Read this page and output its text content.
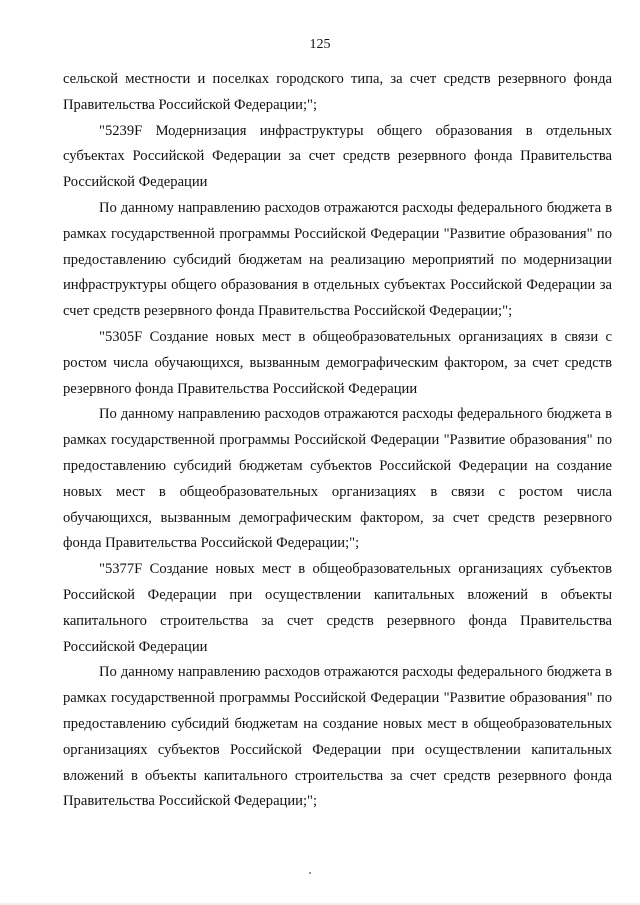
125

сельской местности и поселках городского типа, за счет средств резервного фонда Правительства Российской Федерации;";

"5239F Модернизация инфраструктуры общего образования в отдельных субъектах Российской Федерации за счет средств резервного фонда Правительства Российской Федерации

По данному направлению расходов отражаются расходы федерального бюджета в рамках государственной программы Российской Федерации "Развитие образования" по предоставлению субсидий бюджетам на реализацию мероприятий по модернизации инфраструктуры общего образования в отдельных субъектах Российской Федерации за счет средств резервного фонда Правительства Российской Федерации;";

"5305F Создание новых мест в общеобразовательных организациях в связи с ростом числа обучающихся, вызванным демографическим фактором, за счет средств резервного фонда Правительства Российской Федерации

По данному направлению расходов отражаются расходы федерального бюджета в рамках государственной программы Российской Федерации "Развитие образования" по предоставлению субсидий бюджетам субъектов Российской Федерации на создание новых мест в общеобразовательных организациях в связи с ростом числа обучающихся, вызванным демографическим фактором, за счет средств резервного фонда Правительства Российской Федерации;";

"5377F Создание новых мест в общеобразовательных организациях субъектов Российской Федерации при осуществлении капитальных вложений в объекты капитального строительства за счет средств резервного фонда Правительства Российской Федерации

По данному направлению расходов отражаются расходы федерального бюджета в рамках государственной программы Российской Федерации "Развитие образования" по предоставлению субсидий бюджетам на создание новых мест в общеобразовательных организациях субъектов Российской Федерации при осуществлении капитальных вложений в объекты капитального строительства за счет средств резервного фонда Правительства Российской Федерации;";
